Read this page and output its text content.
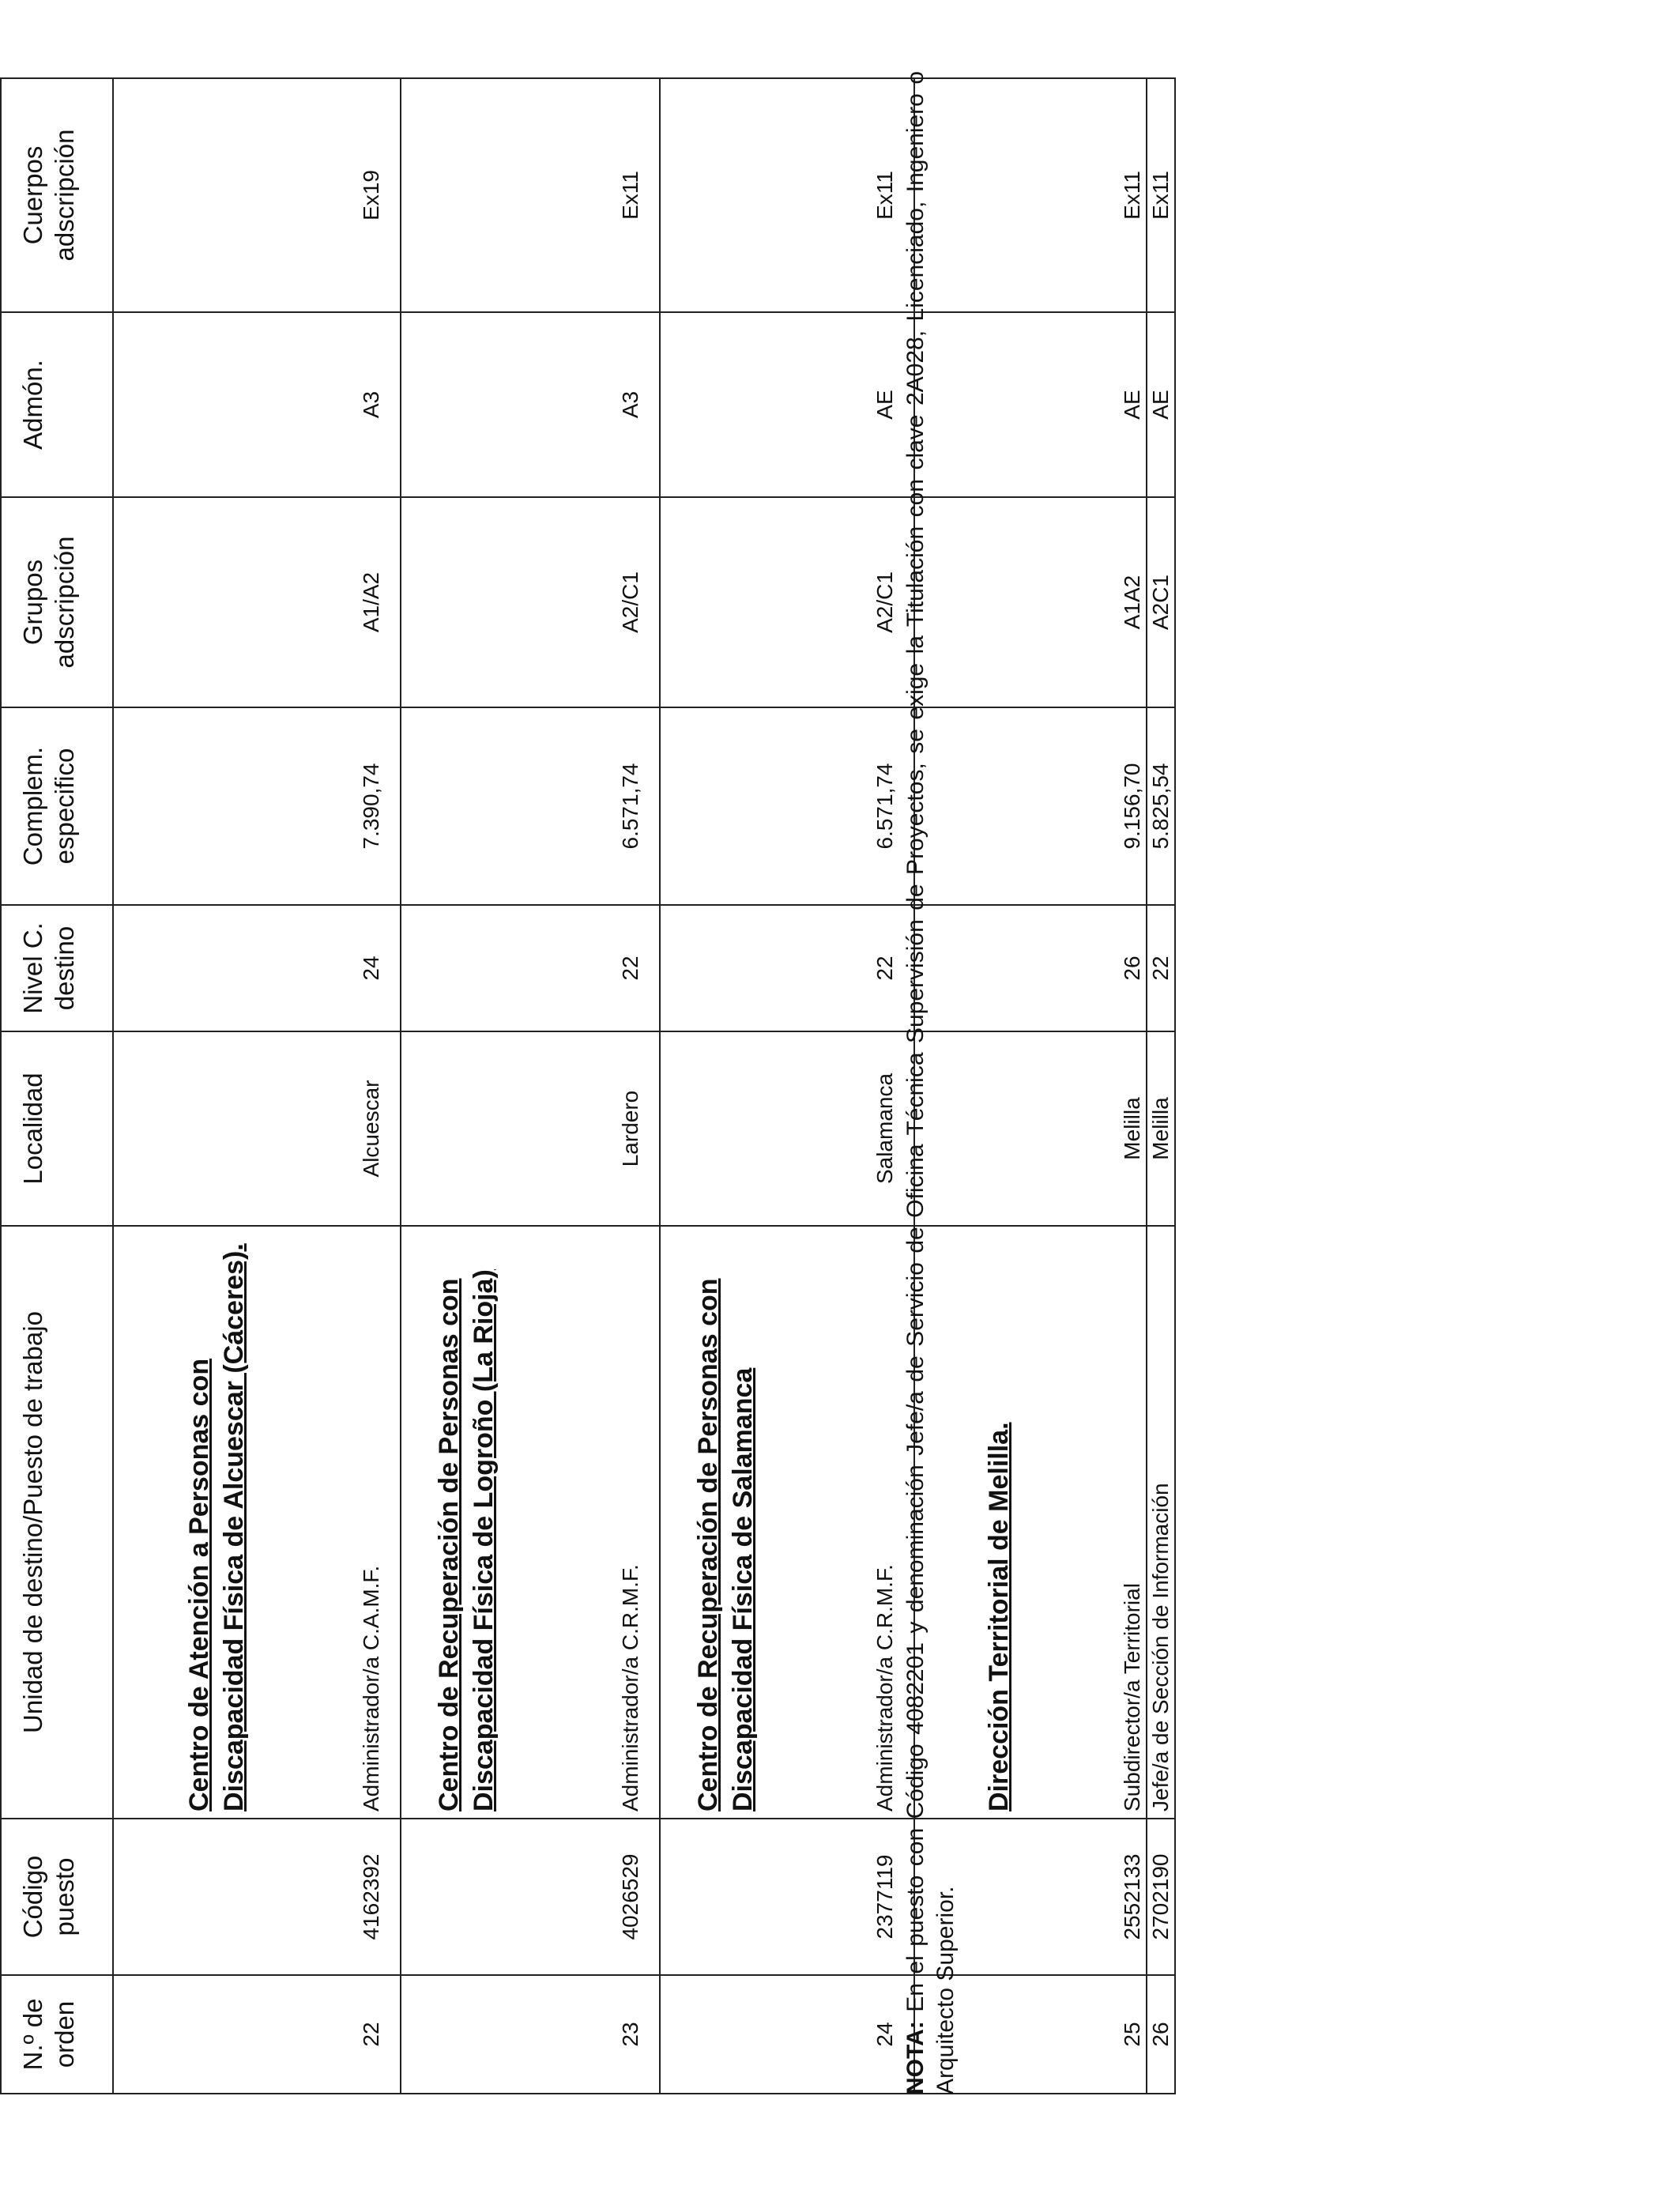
N.º de orden	Código puesto	Unidad de destino/Puesto de trabajo	Localidad	Nivel C. destino	Complem. especifico	Grupos adscripción	Admón.	Cuerpos adscripción
		Centro de Atención a Personas con Discapacidad Física de Alcuescar (Cáceres).						
22	4162392	Administrador/a C.A.M.F.	Alcuescar	24	7.390,74	A1/A2	A3	Ex19
		Centro de Recuperación de Personas con Discapacidad Física de Logroño (La Rioja)						
23	4026529	Administrador/a C.R.M.F.	Lardero	22	6.571,74	A2/C1	A3	Ex11
		Centro de Recuperación de Personas con Discapacidad Física de Salamanca						
24	2377119	Administrador/a C.R.M.F.	Salamanca	22	6.571,74	A2/C1	AE	Ex11
		Dirección Territorial de Melilla.						
25	2552133	Subdirector/a Territorial	Melilla	26	9.156,70	A1A2	AE	Ex11
26	2702190	Jefe/a de Sección de Información	Melilla	22	5.825,54	A2C1	AE	Ex11
NOTA: En el puesto con Código 4082201 y denominación Jefe/a de Servicio de Oficina Técnica Supervisión de Proyectos, se exige la Titulación con clave 2A028, Licenciado, Ingeniero o Arquitecto Superior.
